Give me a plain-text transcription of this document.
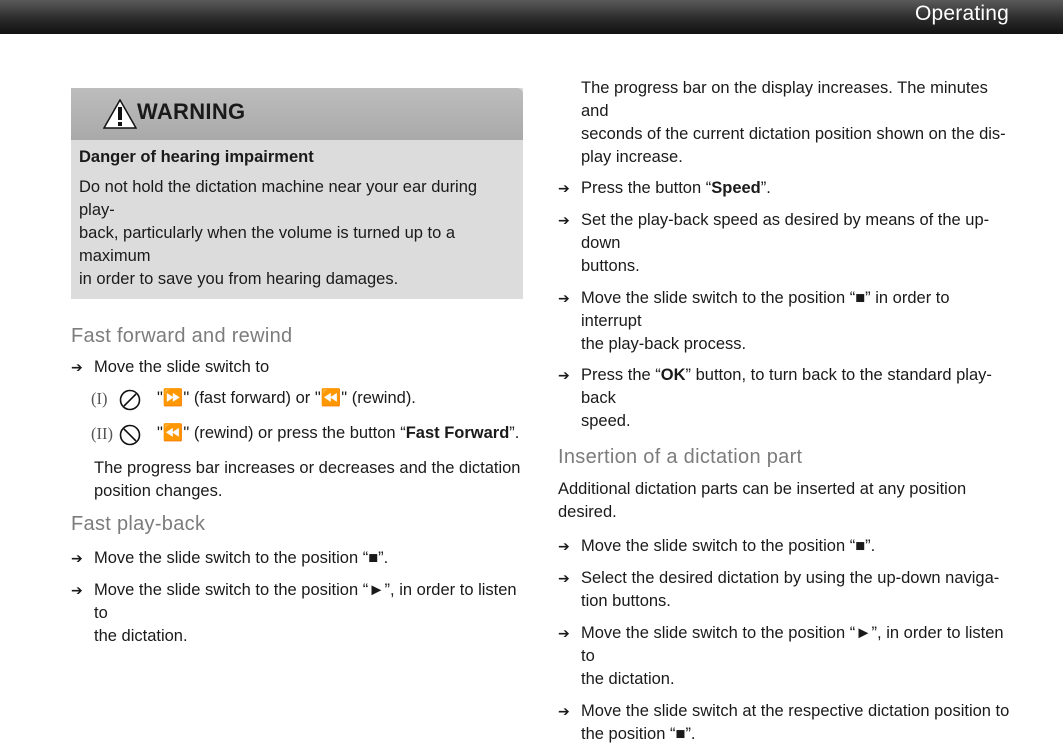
Operating
WARNING
Danger of hearing impairment
Do not hold the dictation machine near your ear during play-
back, particularly when the volume is turned up to a maximum
in order to save you from hearing damages.
Fast forward and rewind
➔ Move the slide switch to
(I)	"⏩" (fast forward) or "⏪" (rewind).
(II)	"⏪" (rewind) or press the button “Fast Forward”.
The progress bar increases or decreases and the dictation
position changes.
Fast play-back
➔ Move the slide switch to the position “■”.
➔ Move the slide switch to the position “►”, in order to listen to
the dictation.
The progress bar on the display increases. The minutes and
seconds of the current dictation position shown on the dis-
play increase.
➔ Press the button “Speed”.
➔ Set the play-back speed as desired by means of the up-down
buttons.
➔ Move the slide switch to the position “■” in order to interrupt
the play-back process.
➔ Press the “OK” button, to turn back to the standard play-back
speed.
Insertion of a dictation part
Additional dictation parts can be inserted at any position desired.
➔ Move the slide switch to the position “■”.
➔ Select the desired dictation by using the up-down naviga-
tion buttons.
➔ Move the slide switch to the position “►”, in order to listen to
the dictation.
➔ Move the slide switch at the respective dictation position to
the position “■”.
